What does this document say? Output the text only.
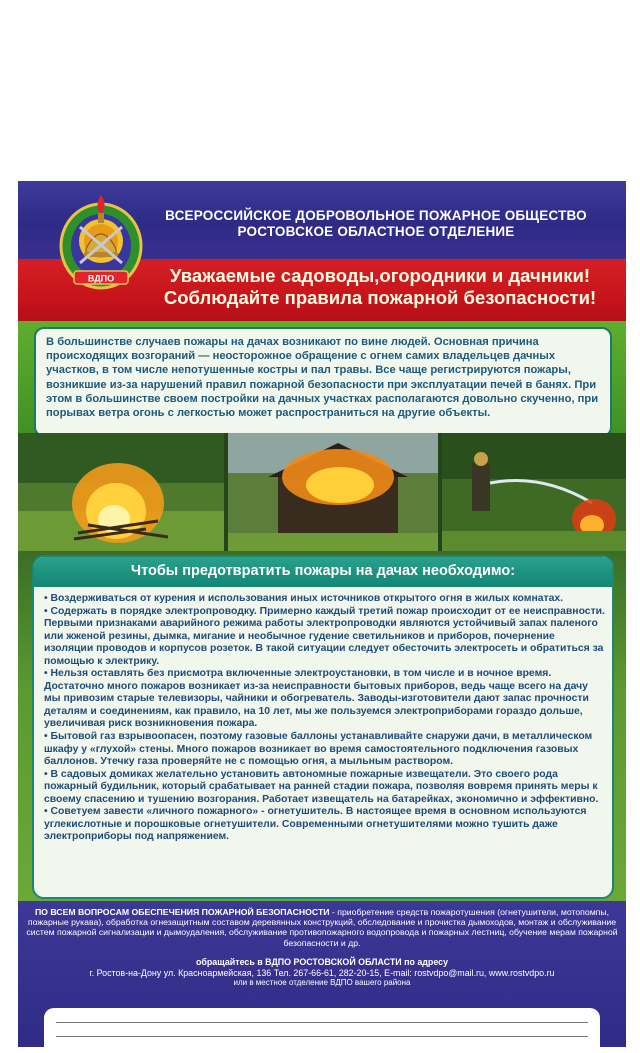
ВСЕРОССИЙСКОЕ ДОБРОВОЛЬНОЕ ПОЖАРНОЕ ОБЩЕСТВО
РОСТОВСКОЕ ОБЛАСТНОЕ ОТДЕЛЕНИЕ
Уважаемые садоводы,огородники и дачники!
Соблюдайте правила пожарной безопасности!
ВДПО

В большинстве случаев пожары на дачах возникают по вине людей. Основная причина происходящих возгораний — неосторожное обращение с огнем самих владельцев дачных участков, в том числе непотушенные костры и пал травы. Все чаще регистрируются пожары, возникшие из-за нарушений правил пожарной безопасности при эксплуатации печей в банях. При этом в большинстве своем постройки на дачных участках располагаются довольно скученно, при порывах ветра огонь с легкостью может распространиться на другие объекты.

Чтобы предотвратить пожары на дачах необходимо:

• Воздерживаться от курения и использования иных источников открытого огня в жилых комнатах.

• Содержать в порядке электропроводку. Примерно каждый третий пожар происходит от ее неисправности. Первыми признаками аварийного режима работы электропроводки являются устойчивый запах паленого или жженой резины, дымка, мигание и необычное гудение светильников и приборов, почернение изоляции проводов и корпусов розеток. В такой ситуации следует обесточить электросеть и обратиться за помощью к электрику.

• Нельзя оставлять без присмотра включенные электроустановки, в том числе и в ночное время. Достаточно много пожаров возникает из-за неисправности бытовых приборов, ведь чаще всего на дачу мы привозим старые телевизоры, чайники и обогреватель. Заводы-изготовители дают запас прочности деталям и соединениям, как правило, на 10 лет, мы же пользуемся электроприборами гораздо дольше, увеличивая риск возникновения пожара.

• Бытовой газ взрывоопасен, поэтому газовые баллоны устанавливайте снаружи дачи, в металлическом шкафу у «глухой» стены. Много пожаров возникает во время самостоятельного подключения газовых баллонов. Утечку газа проверяйте не с помощью огня, а мыльным раствором.

• В садовых домиках желательно установить автономные пожарные извещатели. Это своего рода пожарный будильник, который срабатывает на ранней стадии пожара, позволяя вовремя принять меры к своему спасению и тушению возгорания. Работает извещатель на батарейках, экономично и эффективно.

• Советуем завести «личного пожарного» - огнетушитель. В настоящее время в основном используются углекислотные и порошковые огнетушители. Современными огнетушителями можно тушить даже электроприборы под напряжением.

ПО ВСЕМ ВОПРОСАМ ОБЕСПЕЧЕНИЯ ПОЖАРНОЙ БЕЗОПАСНОСТИ - приобретение средств пожаротушения (огнетушители, мотопомпы, пожарные рукава), обработка огнезащитным составом деревянных конструкций, обследование и прочистка дымоходов, монтаж и обслуживание систем пожарной сигнализации и дымоудаления, обслуживание противопожарного водопровода и пожарных лестниц, обучение мерам пожарной безопасности и др.
обращайтесь в ВДПО РОСТОВСКОЙ ОБЛАСТИ по адресу
г. Ростов-на-Дону ул. Красноармейская, 136 Тел. 267-66-61, 282-20-15, E-mail: rostvdpo@mail.ru, www.rostvdpo.ru
или в местное отделение ВДПО вашего района
